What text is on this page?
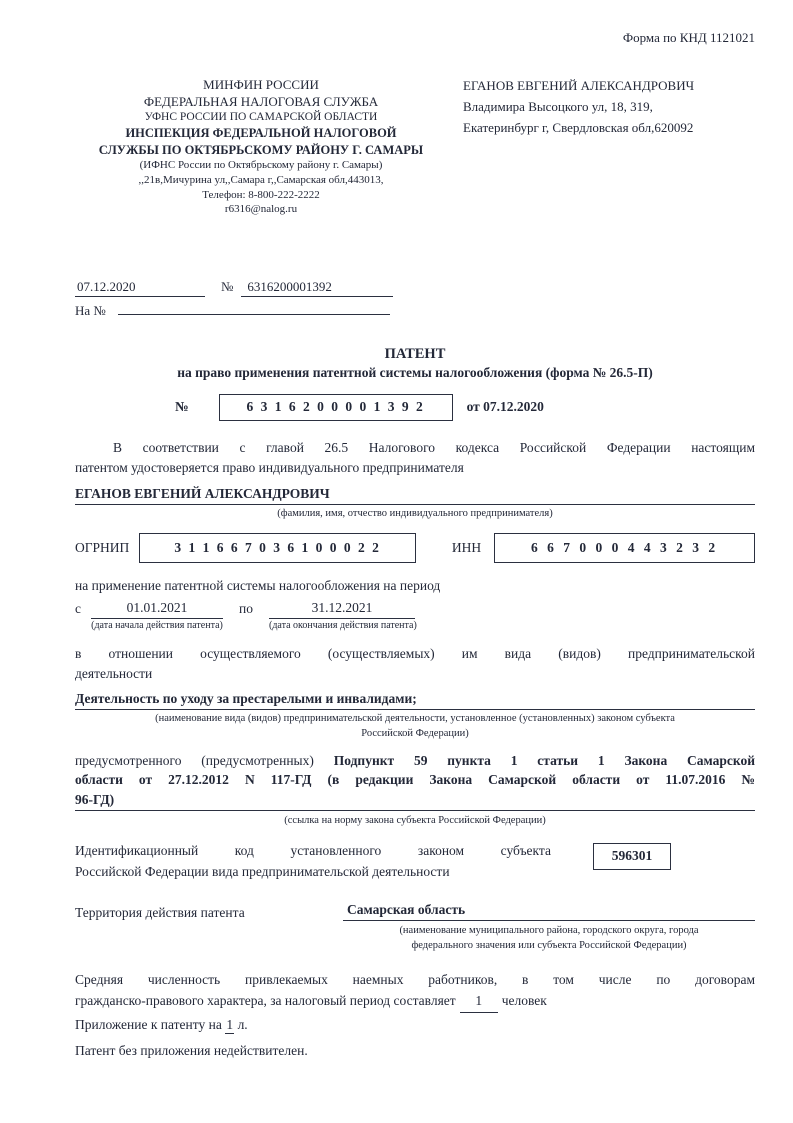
Форма по КНД 1121021
МИНФИН РОССИИ
ФЕДЕРАЛЬНАЯ НАЛОГОВАЯ СЛУЖБА
УФНС РОССИИ ПО САМАРСКОЙ ОБЛАСТИ
ИНСПЕКЦИЯ ФЕДЕРАЛЬНОЙ НАЛОГОВОЙ
СЛУЖБЫ ПО ОКТЯБРЬСКОМУ РАЙОНУ Г. САМАРЫ
(ИФНС России по Октябрьскому району г. Самары)
,,21в,Мичурина ул,,Самара г,,Самарская обл,443013,
Телефон: 8-800-222-2222
r6316@nalog.ru
ЕГАНОВ ЕВГЕНИЙ АЛЕКСАНДРОВИЧ
Владимира Высоцкого ул, 18, 319,
Екатеринбург г, Свердловская обл,620092
07.12.2020	№	6316200001392
На №
ПАТЕНТ
на право применения патентной системы налогообложения (форма № 26.5-П)
№	6 3 1 6 2 0 0 0 0 1 3 9 2	от 07.12.2020
В соответствии с главой 26.5 Налогового кодекса Российской Федерации настоящим
патентом удостоверяется право индивидуального предпринимателя
ЕГАНОВ ЕВГЕНИЙ АЛЕКСАНДРОВИЧ
(фамилия, имя, отчество индивидуального предпринимателя)
ОГРНИП	3 1 1 6 6 7 0 3 6 1 0 0 0 2 2	ИНН	6 6 7 0 0 0 4 4 3 2 3 2
на применение патентной системы налогообложения на период
с	01.01.2021
(дата начала действия патента)
по	31.12.2021
(дата окончания действия патента)
в отношении осуществляемого (осуществляемых) им вида (видов) предпринимательской
деятельности
Деятельность по уходу за престарелыми и инвалидами;
(наименование вида (видов) предпринимательской деятельности, установленное (установленных) законом субъекта
Российской Федерации)
предусмотренного (предусмотренных) Подпункт 59 пункта 1 статьи 1 Закона Самарской
области от 27.12.2012 N 117-ГД (в редакции Закона Самарской области от 11.07.2016 №
96-ГД)
(ссылка на норму закона субъекта Российской Федерации)
Идентификационный код установленного законом субъекта
Российской Федерации вида предпринимательской деятельности
596301
Территория действия патента	Самарская область
(наименование муниципального района, городского округа, города
федерального значения или субъекта Российской Федерации)
Средняя численность привлекаемых наемных работников, в том числе по договорам
гражданско-правового характера, за налоговый период составляет 1 человек
Приложение к патенту на 1 л.
Патент без приложения недействителен.
